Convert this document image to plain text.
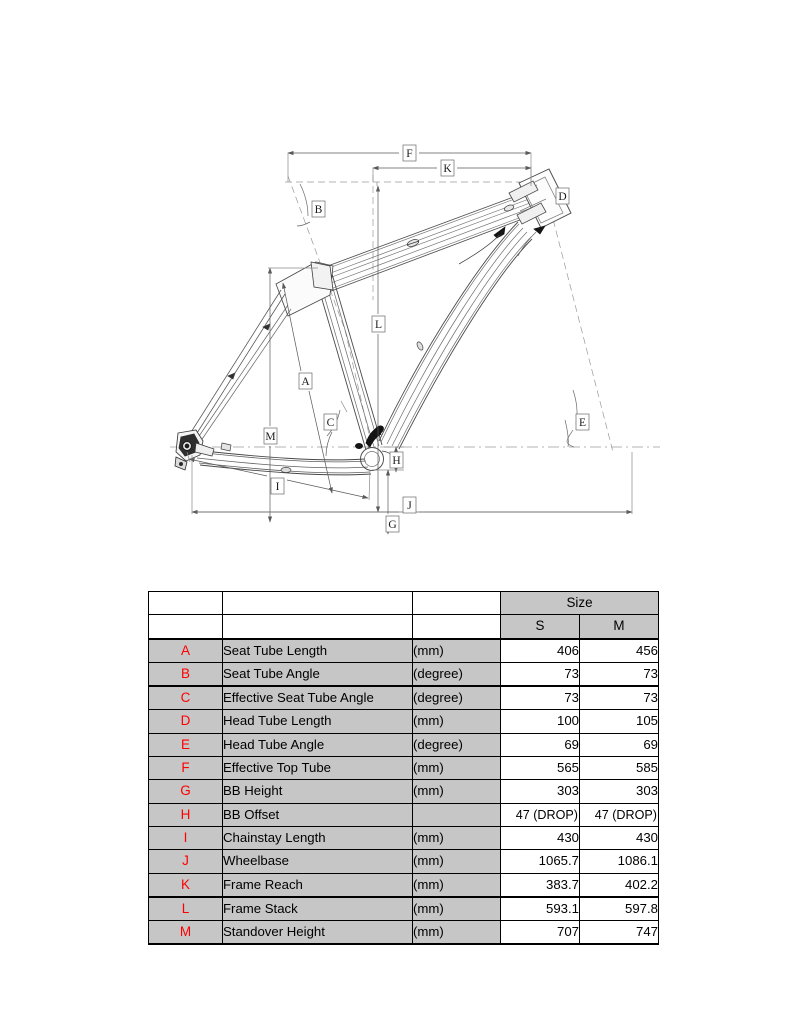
A
B
C
D
E
F
G
H
I
J
K
L
M
			Size	
			S	M
A	Seat Tube Length	(mm)	406	456
B	Seat Tube Angle	(degree)	73	73
C	Effective Seat Tube Angle	(degree)	73	73
D	Head Tube Length	(mm)	100	105
E	Head Tube Angle	(degree)	69	69
F	Effective Top Tube	(mm)	565	585
G	BB Height	(mm)	303	303
H	BB Offset		47 (DROP)	47 (DROP)
I	Chainstay Length	(mm)	430	430
J	Wheelbase	(mm)	1065.7	1086.1
K	Frame Reach	(mm)	383.7	402.2
L	Frame Stack	(mm)	593.1	597.8
M	Standover Height	(mm)	707	747
